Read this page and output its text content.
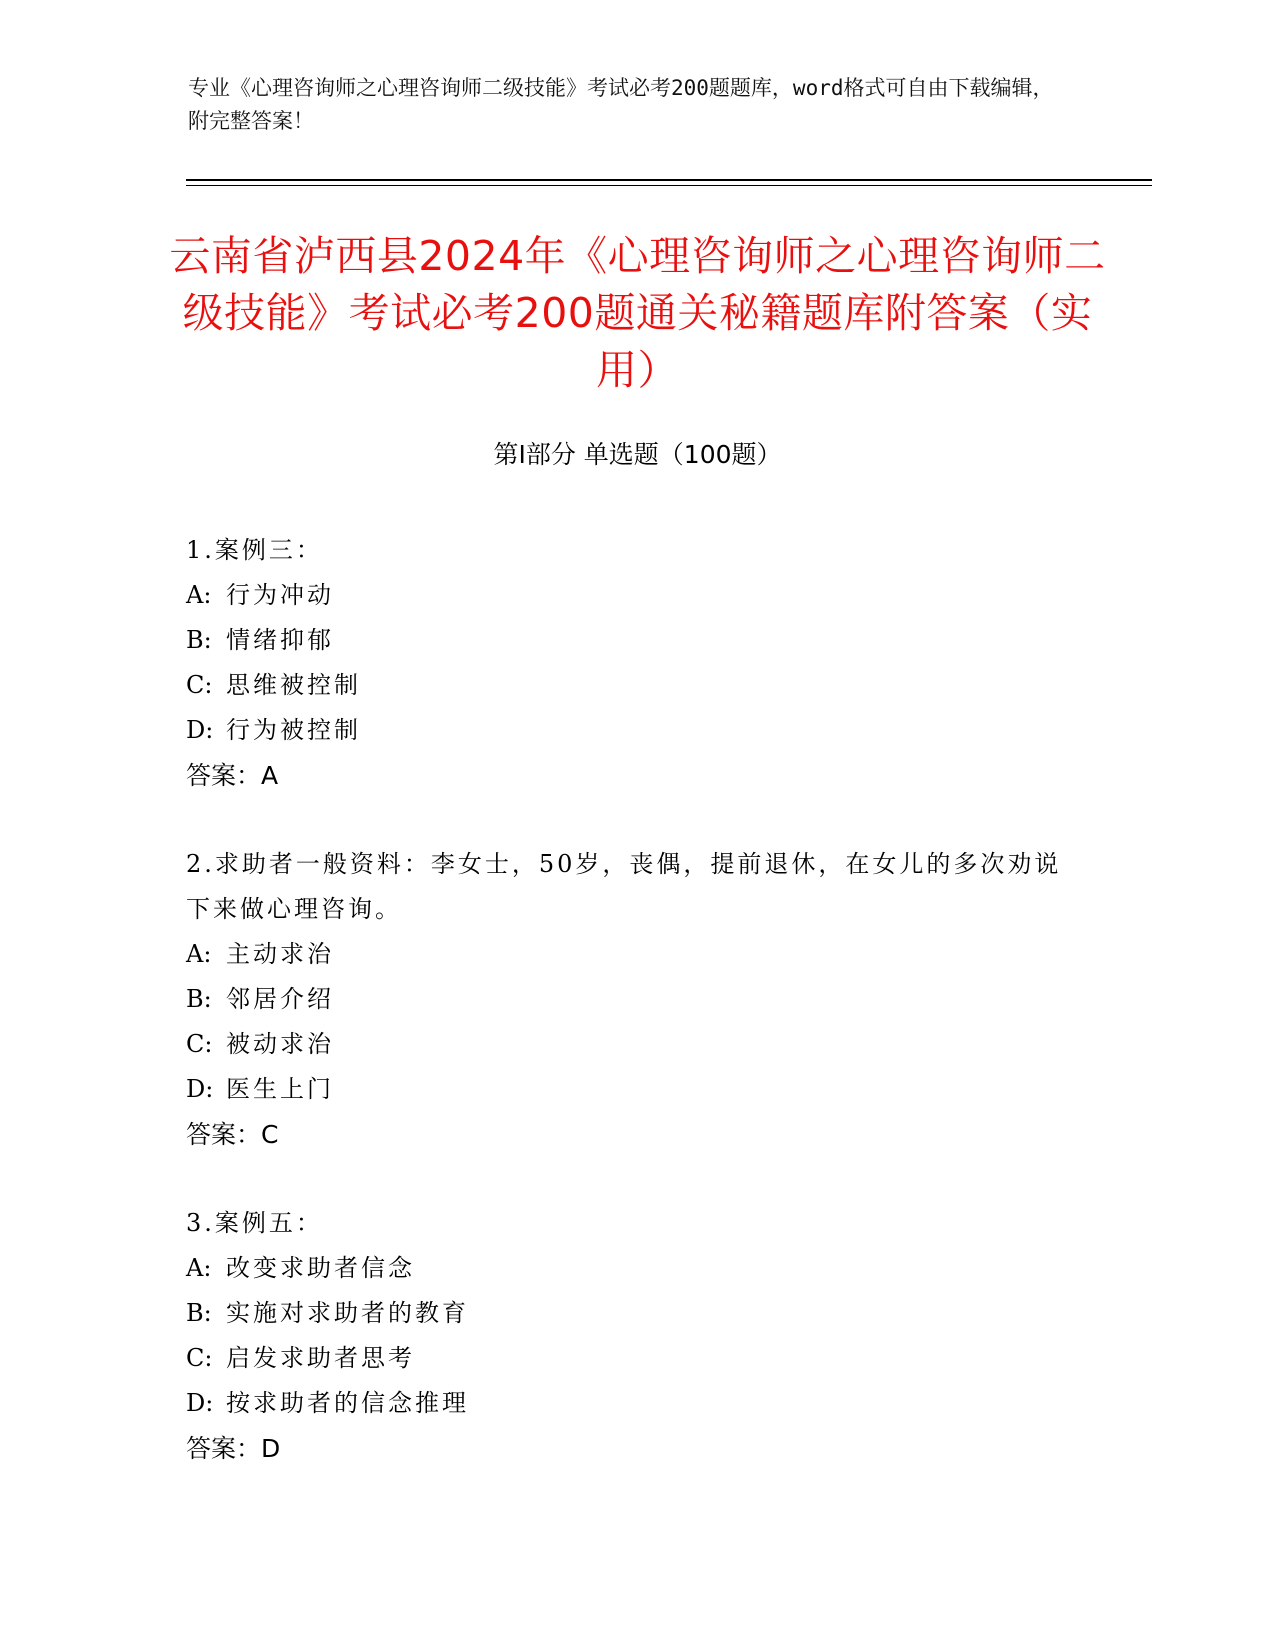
专业《心理咨询师之心理咨询师二级技能》考试必考200题题库，word格式可自由下载编辑，附完整答案！
云南省泸西县2024年《心理咨询师之心理咨询师二级技能》考试必考200题通关秘籍题库附答案（实用）
第Ⅰ部分 单选题（100题）
1.案例三：
A: 行为冲动
B: 情绪抑郁
C: 思维被控制
D: 行为被控制
答案：A
2.求助者一般资料：李女士，50岁，丧偶，提前退休，在女儿的多次劝说下来做心理咨询。
A: 主动求治
B: 邻居介绍
C: 被动求治
D: 医生上门
答案：C
3.案例五：
A: 改变求助者信念
B: 实施对求助者的教育
C: 启发求助者思考
D: 按求助者的信念推理
答案：D
